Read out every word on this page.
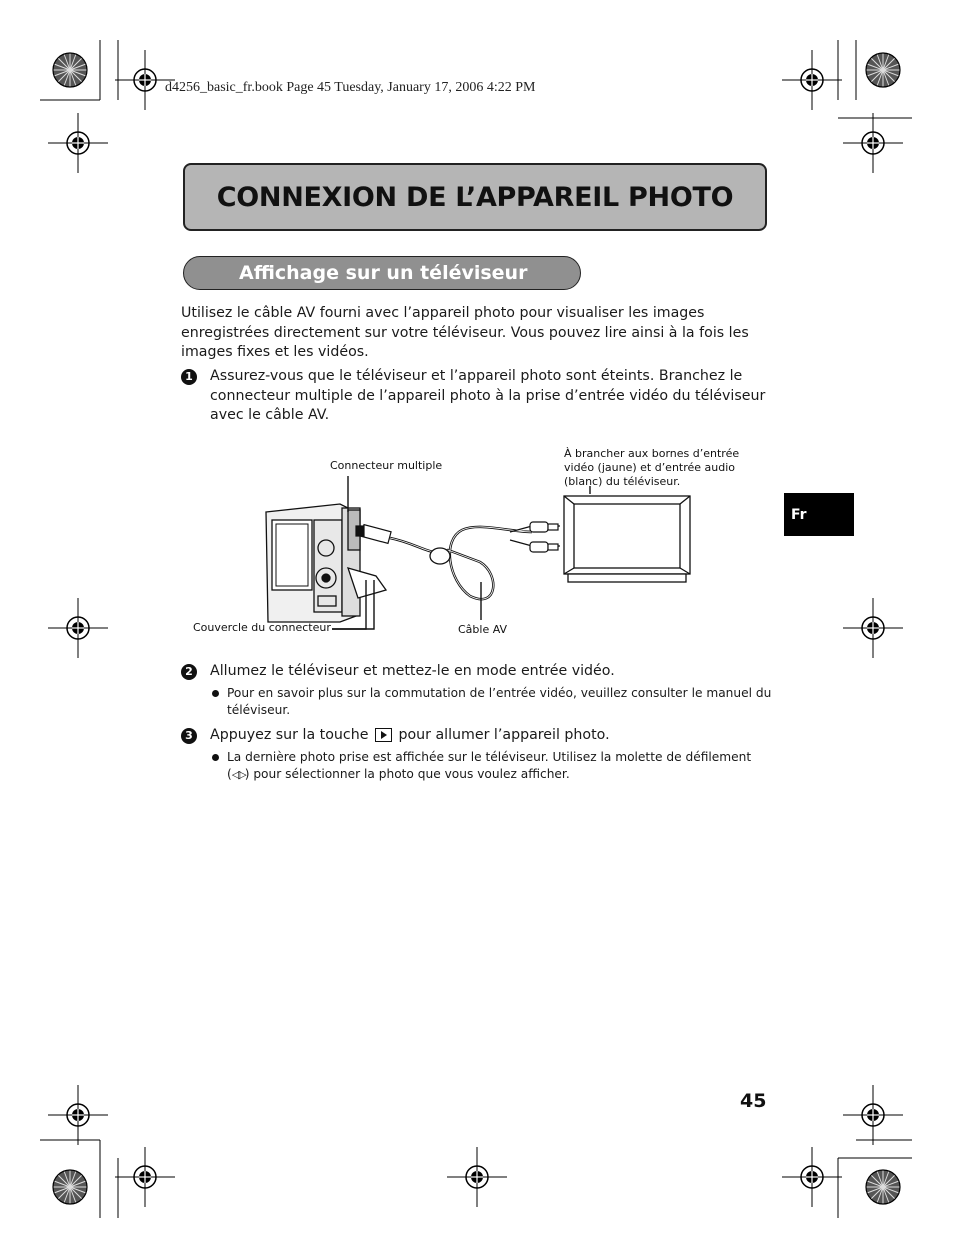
d4256_basic_fr.book Page 45 Tuesday, January 17, 2006 4:22 PM
CONNEXION DE L’APPAREIL PHOTO
Affichage sur un téléviseur
Utilisez le câble AV fourni avec l’appareil photo pour visualiser les images enregistrées directement sur votre téléviseur. Vous pouvez lire ainsi à la fois les images fixes et les vidéos.
1 Assurez-vous que le téléviseur et l’appareil photo sont éteints. Branchez le connecteur multiple de l’appareil photo à la prise d’entrée vidéo du téléviseur avec le câble AV.
Connecteur multiple
À brancher aux bornes d’entrée vidéo (jaune) et d’entrée audio (blanc) du téléviseur.
Couvercle du connecteur	Câble AV
2 Allumez le téléviseur et mettez-le en mode entrée vidéo.
Pour en savoir plus sur la commutation de l’entrée vidéo, veuillez consulter le manuel du téléviseur.
3 Appuyez sur la touche pour allumer l’appareil photo.
La dernière photo prise est affichée sur le téléviseur. Utilisez la molette de défilement (◁▷) pour sélectionner la photo que vous voulez afficher.
Fr
45
